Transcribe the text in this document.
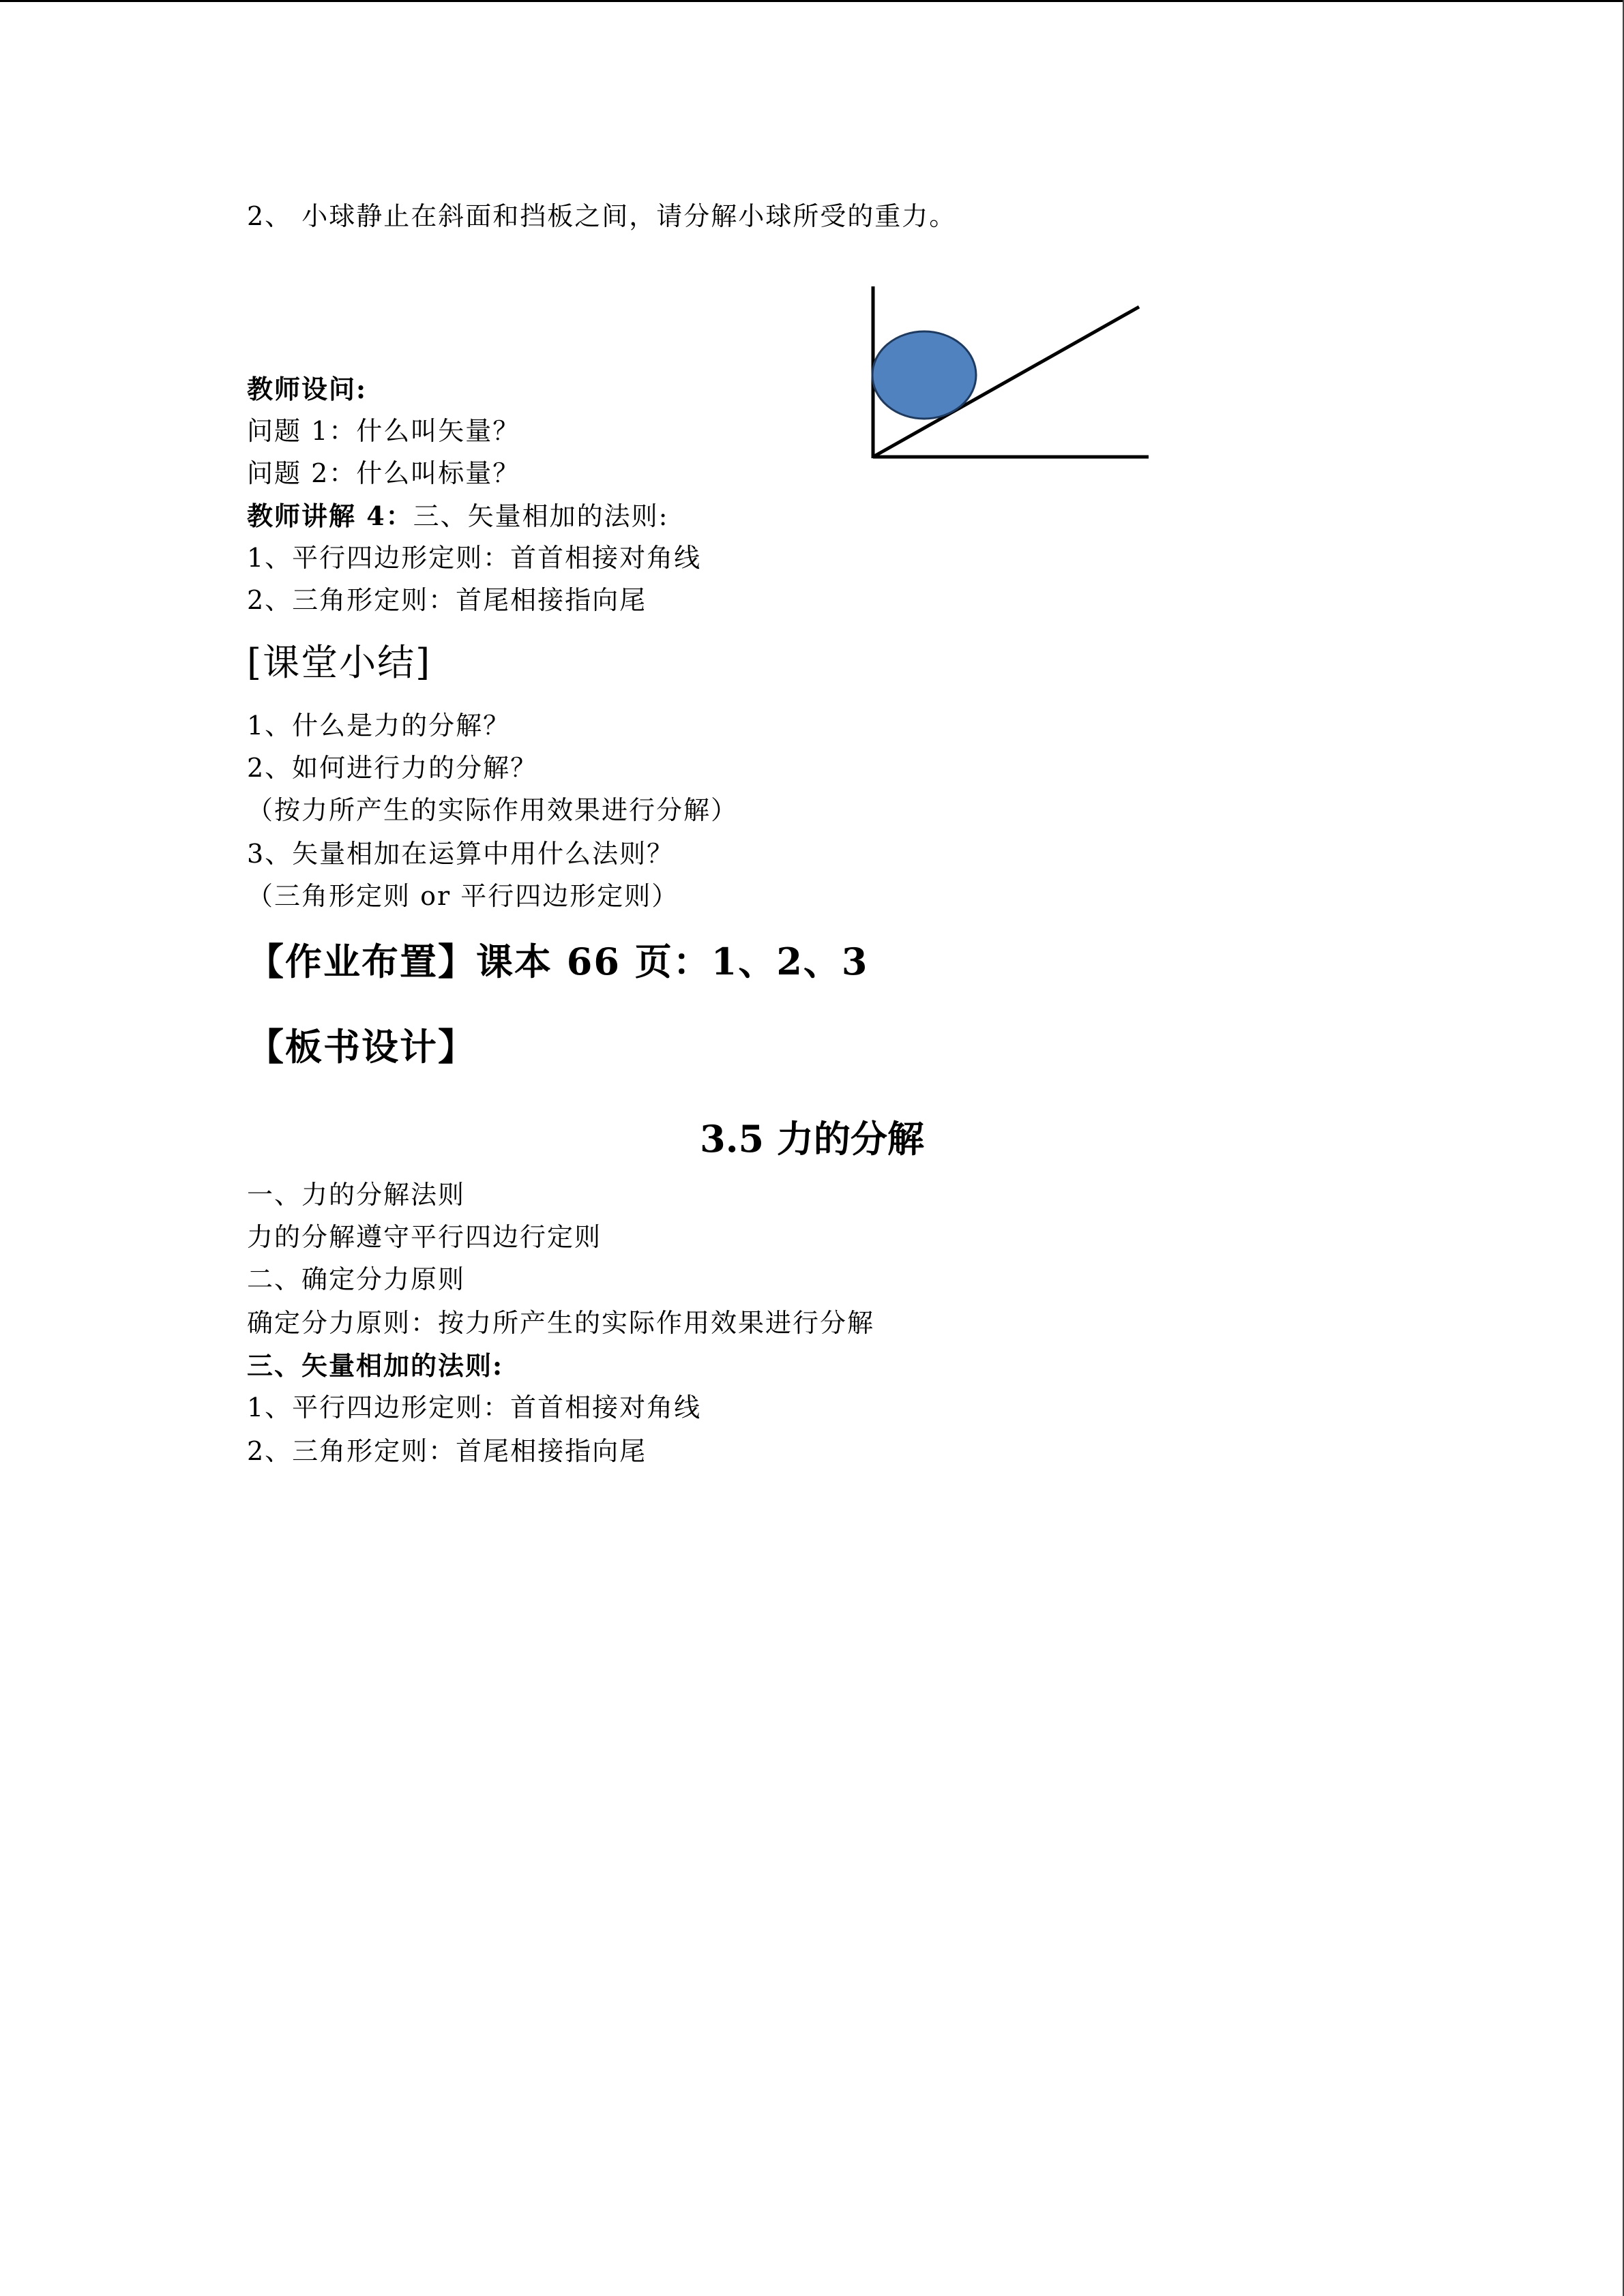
2、 小球静止在斜面和挡板之间，请分解小球所受的重力。
教师设问:
问题 1：什么叫矢量？
问题 2：什么叫标量？
教师讲解 4：三、矢量相加的法则:
1、平行四边形定则：首首相接对角线
2、三角形定则：首尾相接指向尾
[课堂小结]
1、什么是力的分解？
2、如何进行力的分解？
（按力所产生的实际作用效果进行分解）
3、矢量相加在运算中用什么法则？
（三角形定则 or 平行四边形定则）
【作业布置】课本 66 页：1、2、3
【板书设计】
3.5 力的分解
一、力的分解法则
力的分解遵守平行四边行定则
二、确定分力原则
确定分力原则：按力所产生的实际作用效果进行分解
三、矢量相加的法则:
1、平行四边形定则：首首相接对角线
2、三角形定则：首尾相接指向尾
